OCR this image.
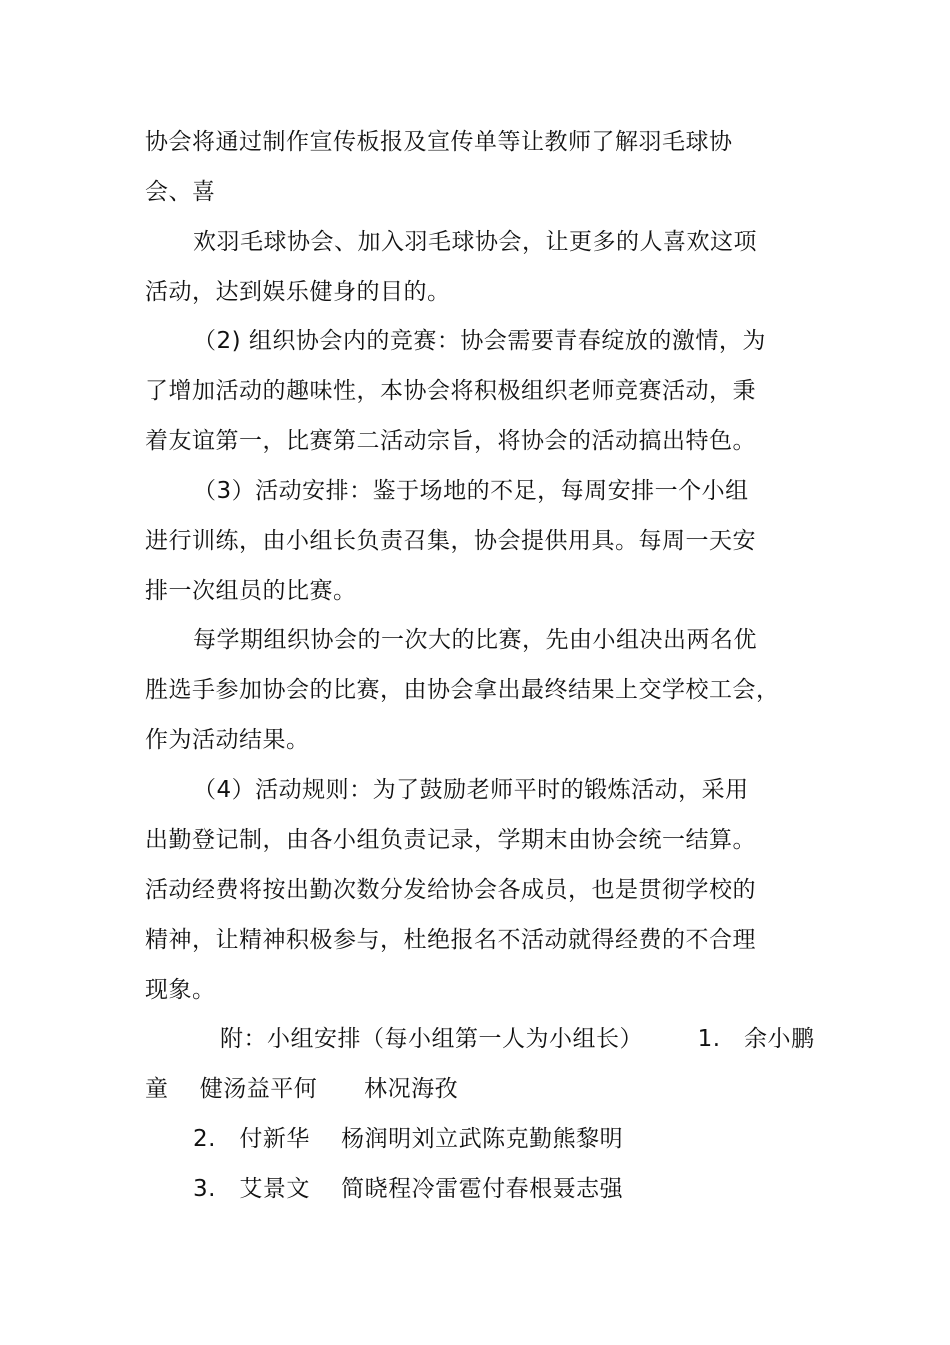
协会将通过制作宣传板报及宣传单等让教师了解羽毛球协
会、喜
欢羽毛球协会、加入羽毛球协会，让更多的人喜欢这项
活动，达到娱乐健身的目的。
（2) 组织协会内的竞赛：协会需要青春绽放的激情，为
了增加活动的趣味性，本协会将积极组织老师竞赛活动，秉
着友谊第一，比赛第二活动宗旨，将协会的活动搞出特色。
（3）活动安排：鉴于场地的不足，每周安排一个小组
进行训练，由小组长负责召集，协会提供用具。每周一天安
排一次组员的比赛。
每学期组织协会的一次大的比赛，先由小组决出两名优
胜选手参加协会的比赛，由协会拿出最终结果上交学校工会，
作为活动结果。
（4）活动规则：为了鼓励老师平时的锻炼活动，采用
出勤登记制，由各小组负责记录，学期末由协会统一结算。
活动经费将按出勤次数分发给协会各成员，也是贯彻学校的
精神，让精神积极参与，杜绝报名不活动就得经费的不合理
现象。
附：小组安排（每小组第一人为小组长）       1.   余小鹏
童    健汤益平何      林况海孜
2.   付新华    杨润明刘立武陈克勤熊黎明
3.   艾景文    简晓程冷雷雹付春根聂志强
